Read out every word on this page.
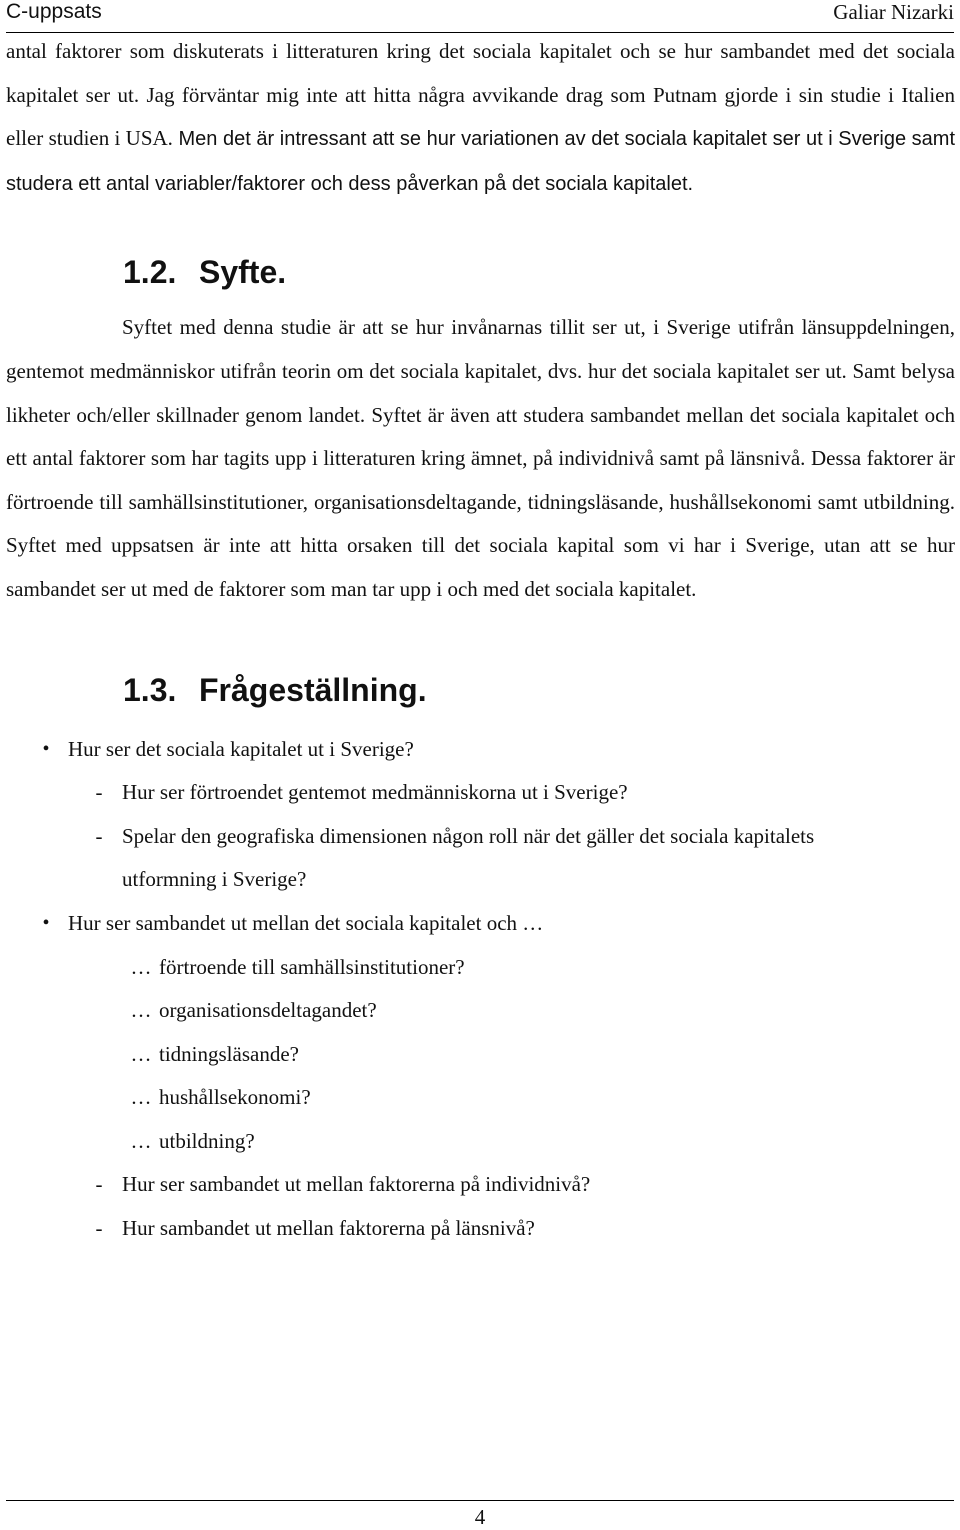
C-uppsats	Galiar Nizarki

antal faktorer som diskuterats i litteraturen kring det sociala kapitalet och se hur sambandet med det sociala kapitalet ser ut. Jag förväntar mig inte att hitta några avvikande drag som Putnam gjorde i sin studie i Italien eller studien i USA. Men det är intressant att se hur variationen av det sociala kapitalet ser ut i Sverige samt studera ett antal variabler/faktorer och dess påverkan på det sociala kapitalet.

1.2. Syfte.

Syftet med denna studie är att se hur invånarnas tillit ser ut, i Sverige utifrån länsuppdelningen, gentemot medmänniskor utifrån teorin om det sociala kapitalet, dvs. hur det sociala kapitalet ser ut. Samt belysa likheter och/eller skillnader genom landet. Syftet är även att studera sambandet mellan det sociala kapitalet och ett antal faktorer som har tagits upp i litteraturen kring ämnet, på individnivå samt på länsnivå. Dessa faktorer är förtroende till samhällsinstitutioner, organisationsdeltagande, tidningsläsande, hushållsekonomi samt utbildning. Syftet med uppsatsen är inte att hitta orsaken till det sociala kapital som vi har i Sverige, utan att se hur sambandet ser ut med de faktorer som man tar upp i och med det sociala kapitalet.

1.3. Frågeställning.
• Hur ser det sociala kapitalet ut i Sverige?
- Hur ser förtroendet gentemot medmänniskorna ut i Sverige?
- Spelar den geografiska dimensionen någon roll när det gäller det sociala kapitalets
utformning i Sverige?
• Hur ser sambandet ut mellan det sociala kapitalet och …
… förtroende till samhällsinstitutioner?
… organisationsdeltagandet?
… tidningsläsande?
… hushållsekonomi?
… utbildning?
- Hur ser sambandet ut mellan faktorerna på individnivå?
- Hur sambandet ut mellan faktorerna på länsnivå?
4
